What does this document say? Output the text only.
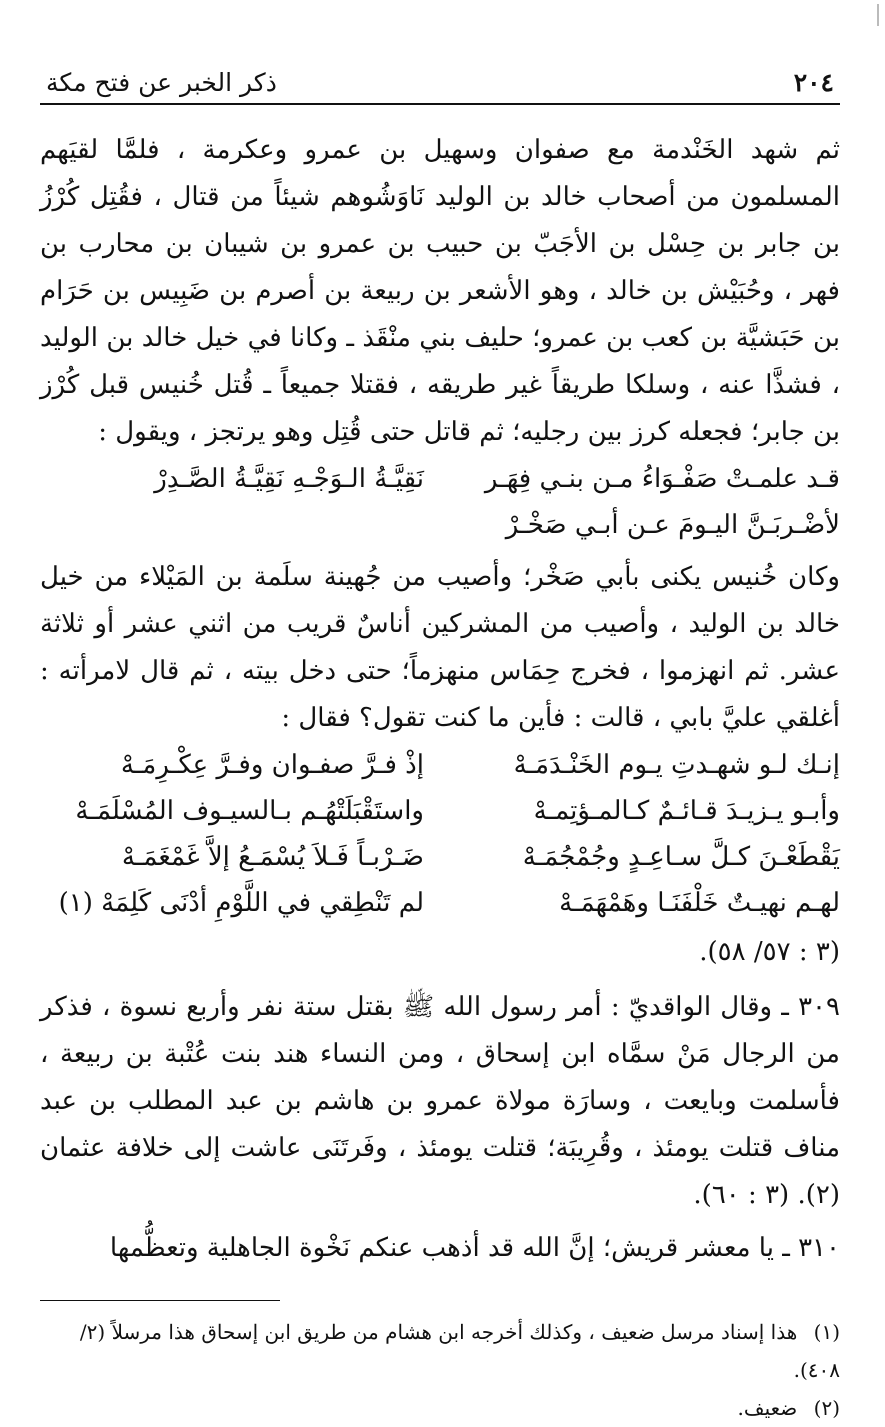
٢٠٤
ذكر الخبر عن فتح مكة

ثم شهد الخَنْدمة مع صفوان وسهيل بن عمرو وعكرمة ، فلمَّا لقيَهم المسلمون من أصحاب خالد بن الوليد نَاوَشُوهم شيئاً من قتال ، فقُتِل كُرْزُ بن جابر بن حِسْل بن الأجَبّ بن حبيب بن عمرو بن شيبان بن محارب بن فهر ، وحُبَيْش بن خالد ، وهو الأشعر بن ربيعة بن أصرم بن ضَبِيس بن حَرَام بن حَبَشيَّة بن كعب بن عمرو؛ حليف بني منْقَذ ـ وكانا في خيل خالد بن الوليد ، فشذَّا عنه ، وسلكا طريقاً غير طريقه ، فقتلا جميعاً ـ قُتل خُنيس قبل كُرْز بن جابر؛ فجعله كرز بين رجليه؛ ثم قاتل حتى قُتِل وهو يرتجز ، ويقول :

قـد علمـتْ صَفْـوَاءُ مـن بنـي فِهَـر
نَقِيَّـةُ الـوَجْـهِ نَقِيَّـةُ الصَّـدِرْ
لأضْـربَـنَّ اليـومَ عـن أبـي صَخْـرْ

وكان خُنيس يكنى بأبي صَخْر؛ وأصيب من جُهينة سلَمة بن المَيْلاء من خيل خالد بن الوليد ، وأصيب من المشركين أناسٌ قريب من اثني عشر أو ثلاثة عشر. ثم انهزموا ، فخرج حِمَاس منهزماً؛ حتى دخل بيته ، ثم قال لامرأته : أغلقي عليَّ بابي ، قالت : فأين ما كنت تقول؟ فقال :

إنـك لـو شهـدتِ يـوم الخَنْـدَمَـهْ
إذْ فـرَّ صفـوان وفـرَّ عِكْـرِمَـهْ
وأبـو يـزيـدَ قـائـمٌ كـالمـؤتِمـهْ
واستَقْبَلَتْهُـم بـالسيـوف المُسْلَمَـهْ
يَقْطَعْـنَ كـلَّ سـاعِـدٍ وجُمْجُمَـهْ
ضَـرْبـاً فَـلاَ يُسْمَـعُ إلاَّ غَمْغَمَـهْ
لهـم نهيـتٌ خَلْفَنَـا وهَمْهَمَـهْ
لم تَنْطِقي في اللَّوْمِ أدْنَى كَلِمَهْ (١)
(٣ : ٥٧/ ٥٨).

٣٠٩ ـ وقال الواقديّ : أمر رسول الله ﷺ بقتل ستة نفر وأربع نسوة ، فذكر من الرجال مَنْ سمَّاه ابن إسحاق ، ومن النساء هند بنت عُتْبة بن ربيعة ، فأسلمت وبايعت ، وسارَة مولاة عمرو بن هاشم بن عبد المطلب بن عبد مناف قتلت يومئذ ، وقُرِيبَة؛ قتلت يومئذ ، وفَرتَنَى عاشت إلى خلافة عثمان (٢). (٣ : ٦٠).

٣١٠ ـ يا معشر قريش؛ إنَّ الله قد أذهب عنكم نَخْوة الجاهلية وتعظُّمها

(١) هذا إسناد مرسل ضعيف ، وكذلك أخرجه ابن هشام من طريق ابن إسحاق هذا مرسلاً (٢/ ٤٠٨).

(٢) ضعيف.
